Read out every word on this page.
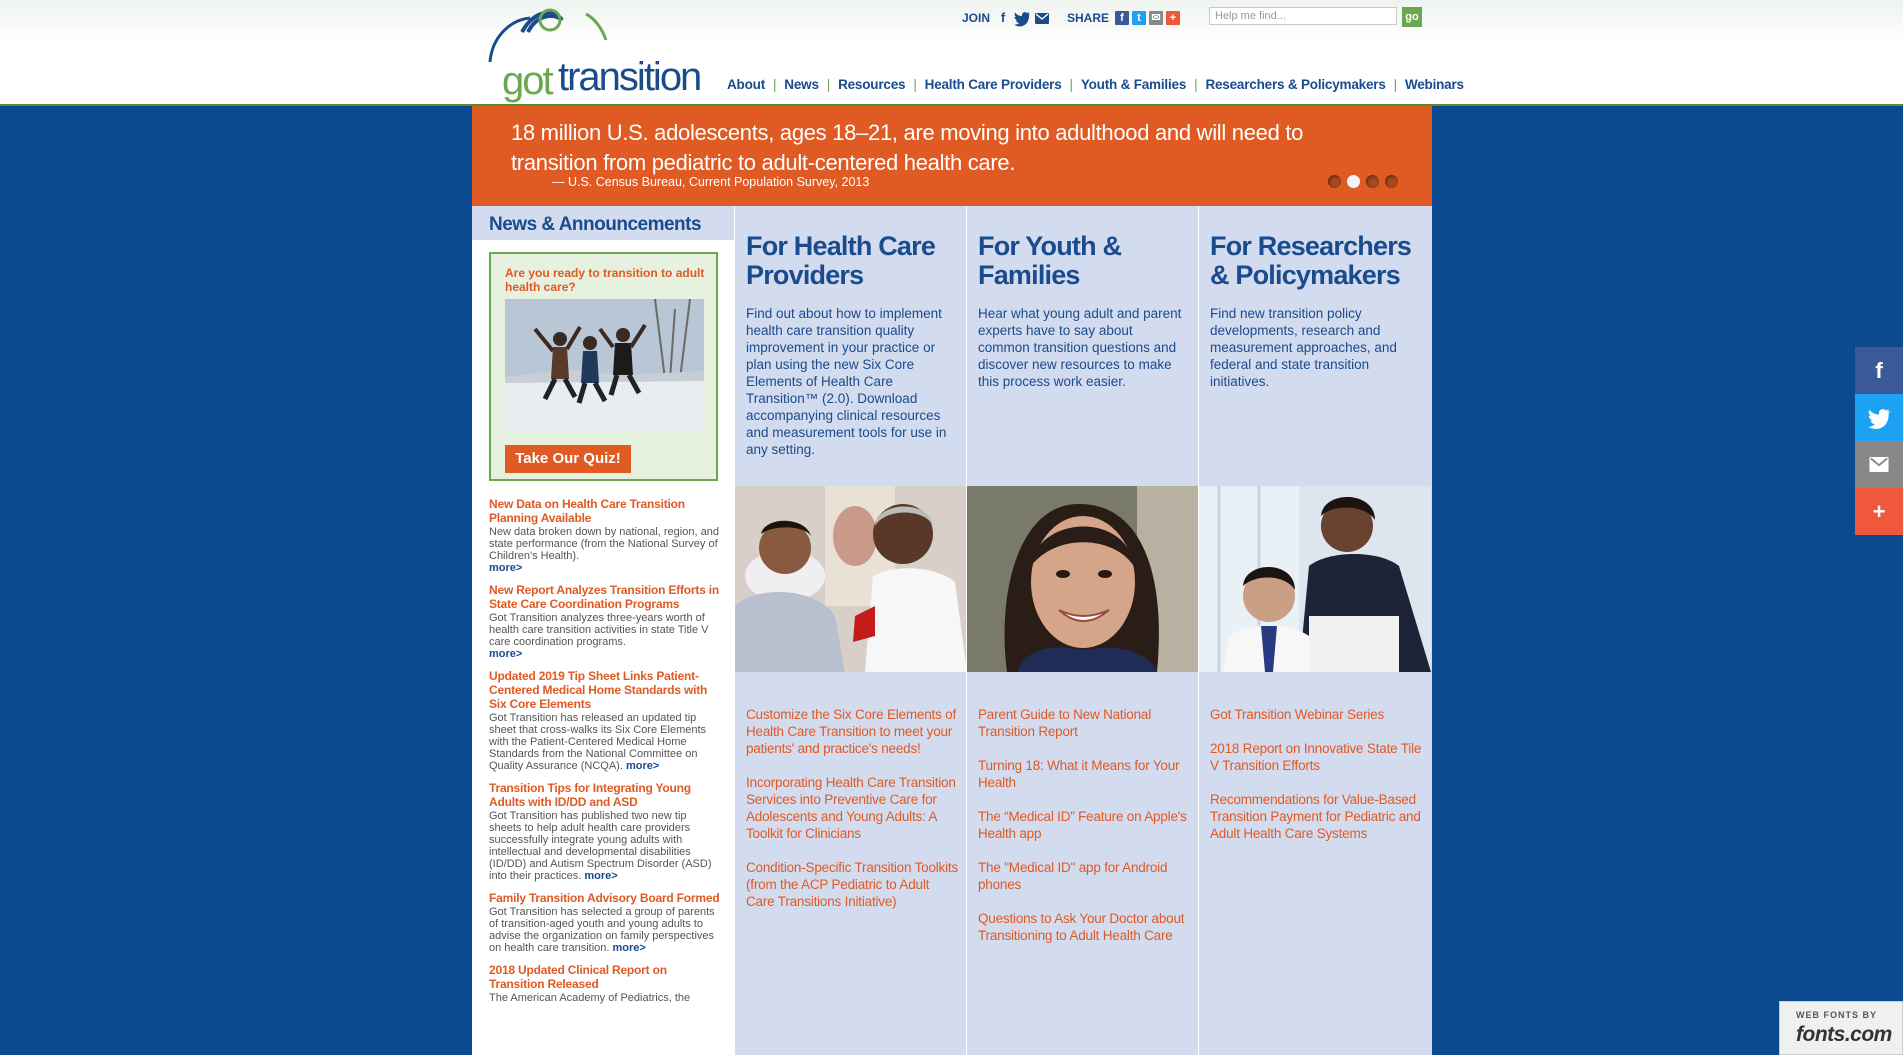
got transition
JOIN f	SHARE	f	t ✉ +	Help me find...	go
About | News | Resources | Health Care Providers | Youth & Families | Researchers & Policymakers | Webinars
18 million U.S. adolescents, ages 18–21, are moving into adulthood and will need to transition from pediatric to adult-centered health care.
— U.S. Census Bureau, Current Population Survey, 2013
News & Announcements
Are you ready to transition to adult health care?
Take Our Quiz!
New Data on Health Care Transition Planning Available
New data broken down by national, region, and state performance (from the National Survey of Children's Health).
more>
New Report Analyzes Transition Efforts in State Care Coordination Programs
Got Transition analyzes three-years worth of health care transition activities in state Title V care coordination programs.
more>
Updated 2019 Tip Sheet Links Patient-Centered Medical Home Standards with Six Core Elements
Got Transition has released an updated tip sheet that cross-walks its Six Core Elements with the Patient-Centered Medical Home Standards from the National Committee on Quality Assurance (NCQA). more>
Transition Tips for Integrating Young Adults with ID/DD and ASD
Got Transition has published two new tip sheets to help adult health care providers successfully integrate young adults with intellectual and developmental disabilities (ID/DD) and Autism Spectrum Disorder (ASD) into their practices. more>
Family Transition Advisory Board Formed
Got Transition has selected a group of parents of transition-aged youth and young adults to advise the organization on family perspectives on health care transition. more>
2018 Updated Clinical Report on Transition Released
The American Academy of Pediatrics, the
For Health Care Providers
Find out about how to implement health care transition quality improvement in your practice or plan using the new Six Core Elements of Health Care Transition™ (2.0). Download accompanying clinical resources and measurement tools for use in any setting.
Customize the Six Core Elements of Health Care Transition to meet your patients' and practice's needs!
Incorporating Health Care Transition Services into Preventive Care for Adolescents and Young Adults: A Toolkit for Clinicians
Condition-Specific Transition Toolkits (from the ACP Pediatric to Adult Care Transitions Initiative)
For Youth & Families
Hear what young adult and parent experts have to say about common transition questions and discover new resources to make this process work easier.
Parent Guide to New National Transition Report
Turning 18: What it Means for Your Health
The “Medical ID” Feature on Apple's Health app
The "Medical ID" app for Android phones
Questions to Ask Your Doctor about Transitioning to Adult Health Care
For Researchers & Policymakers
Find new transition policy developments, research and measurement approaches, and federal and state transition initiatives.
Got Transition Webinar Series
2018 Report on Innovative State Tile V Transition Efforts
Recommendations for Value-Based Transition Payment for Pediatric and Adult Health Care Systems
f
+
WEB FONTS BY
fonts.com
